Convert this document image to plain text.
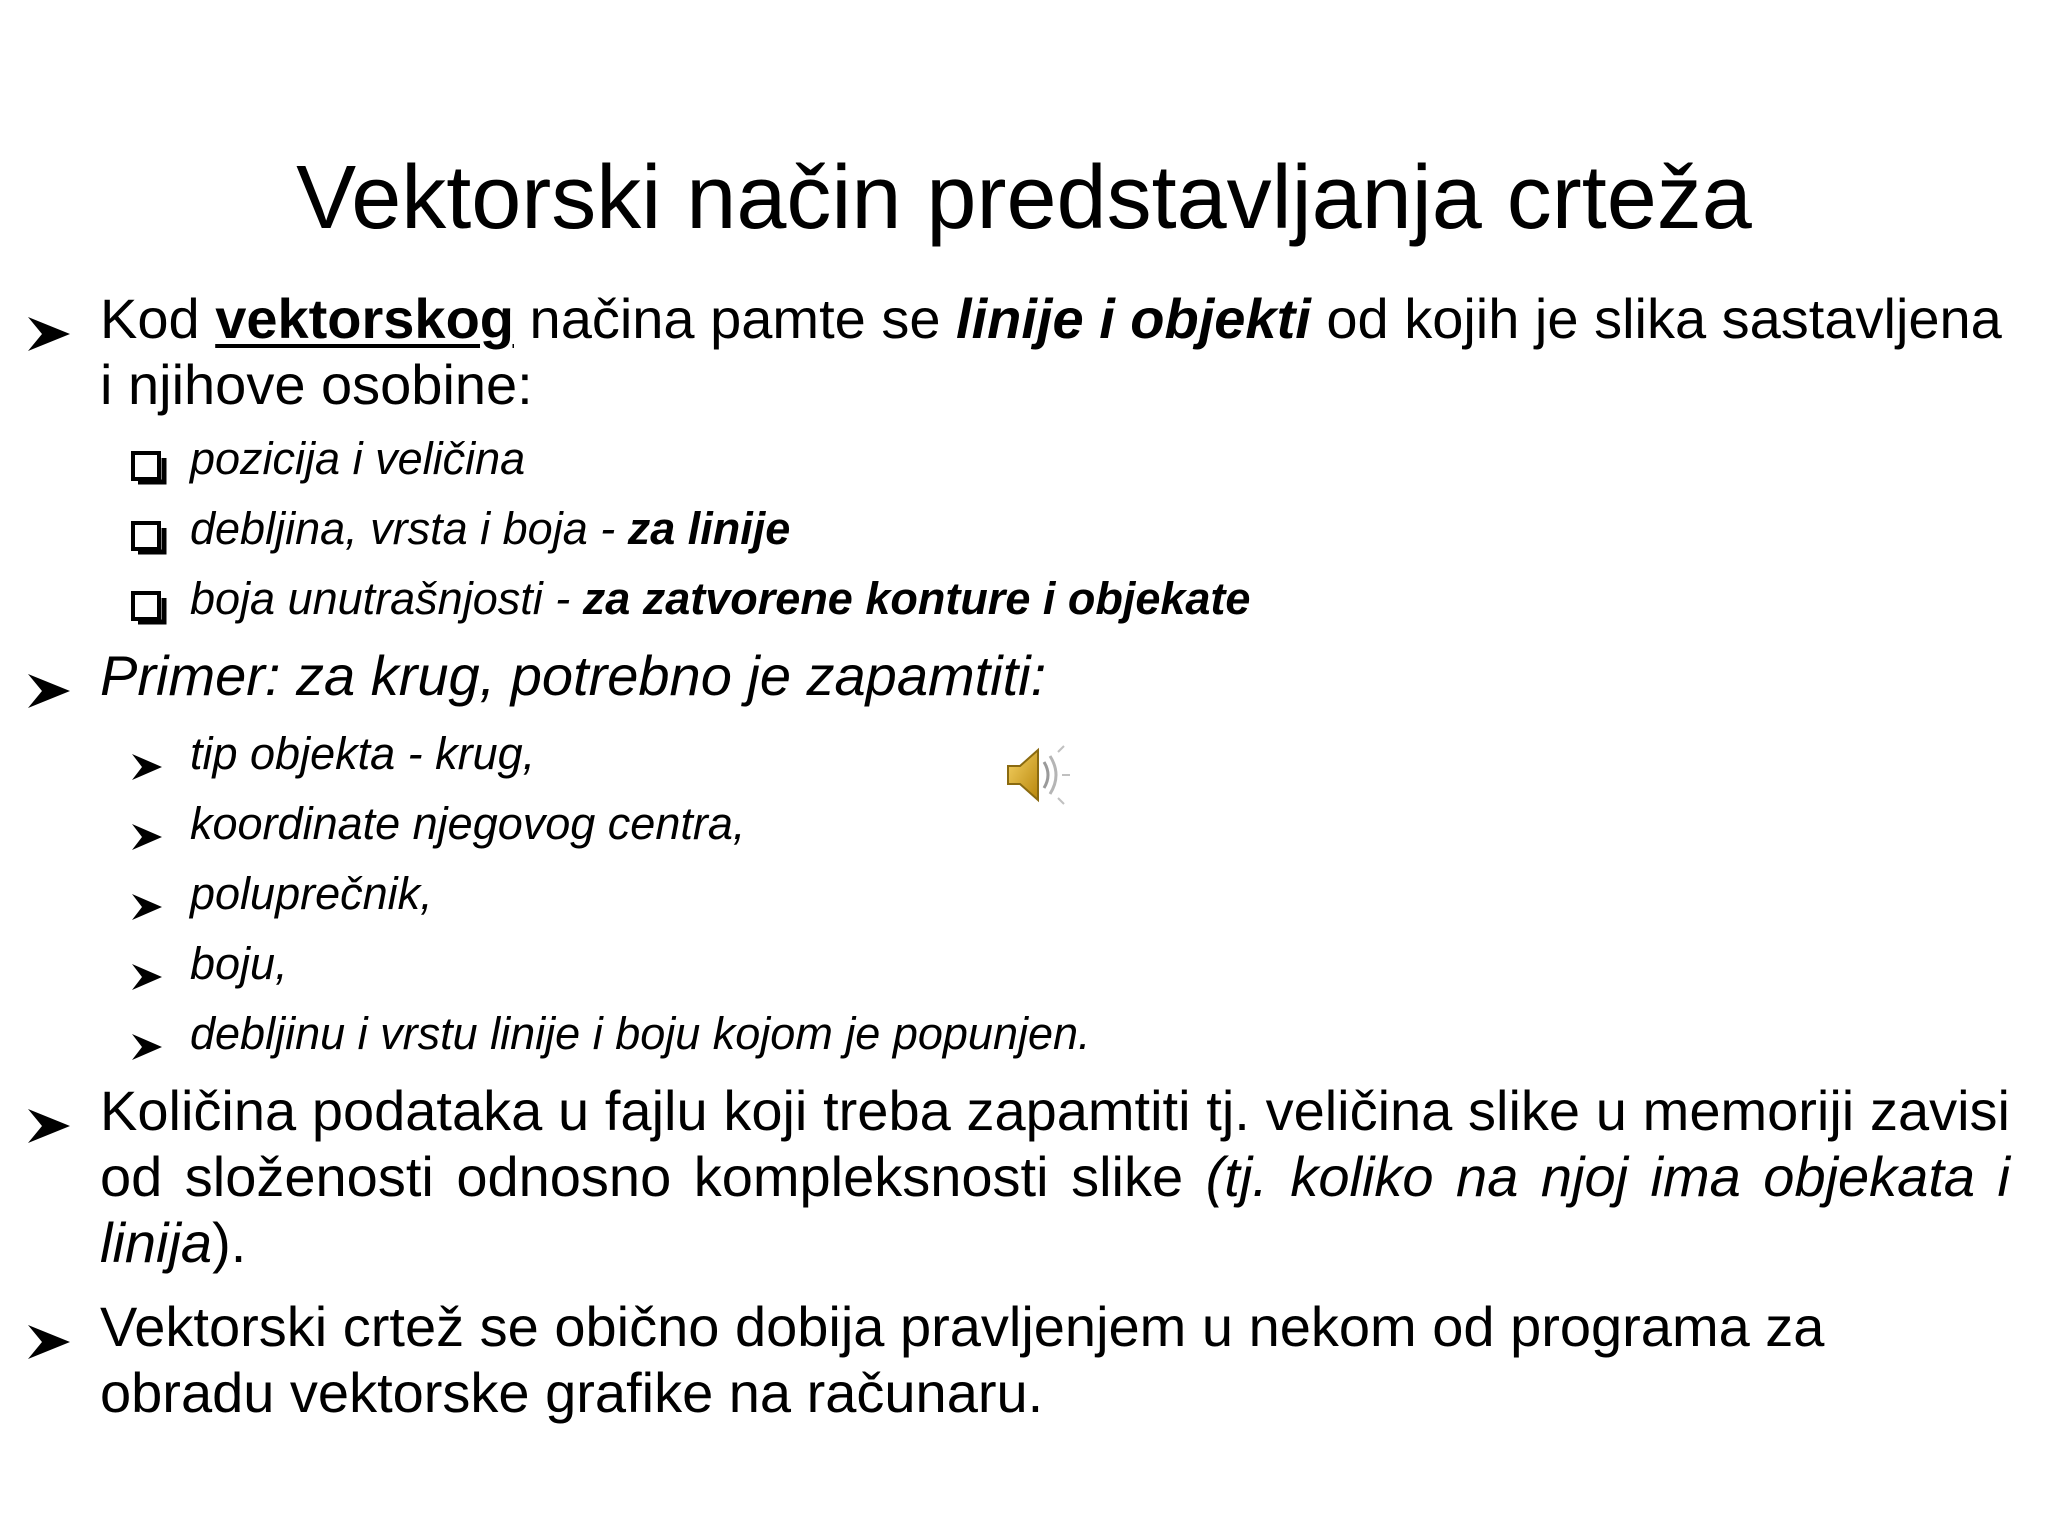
Vektorski način predstavljanja crteža
Kod vektorskog načina pamte se linije i objekti od kojih je slika sastavljena i njihove osobine:
pozicija i veličina
debljina, vrsta i boja - za linije
boja unutrašnjosti - za zatvorene konture i objekate
Primer: za krug, potrebno je zapamtiti:
tip objekta - krug,
koordinate njegovog centra,
poluprečnik,
boju,
debljinu i vrstu linije i boju kojom je popunjen.
Količina podataka u fajlu koji treba zapamtiti tj. veličina slike u memoriji zavisi od složenosti odnosno kompleksnosti slike (tj. koliko na njoj ima objekata i linija).
Vektorski crtež se obično dobija pravljenjem u nekom od programa za obradu vektorske grafike na računaru.
